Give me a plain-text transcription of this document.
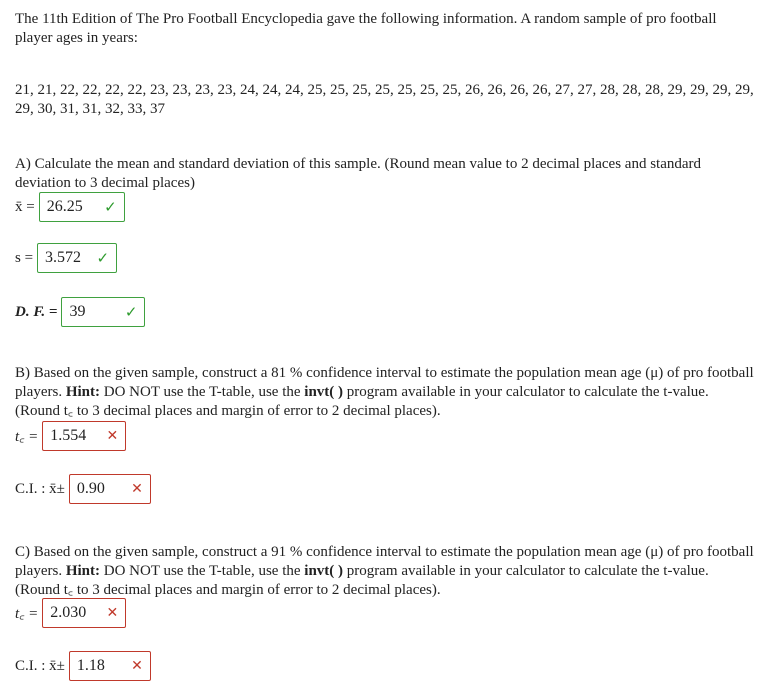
The 11th Edition of The Pro Football Encyclopedia gave the following information. A random sample of pro football player ages in years:

21, 21, 22, 22, 22, 22, 23, 23, 23, 23, 24, 24, 24, 25, 25, 25, 25, 25, 25, 25, 26, 26, 26, 26, 27, 27, 28, 28, 28, 29, 29, 29, 29, 29, 30, 31, 31, 32, 33, 37

A) Calculate the mean and standard deviation of this sample. (Round mean value to 2 decimal places and standard deviation to 3 decimal places)

x̄ = 26.25 ✓
s = 3.572 ✓
D. F. = 39	✓

B) Based on the given sample, construct a 81 % confidence interval to estimate the population mean age (μ) of pro football players. Hint: DO NOT use the T-table, use the invt( ) program available in your calculator to calculate the t-value. (Round t꜀ to 3 decimal places and margin of error to 2 decimal places).

t꜀ = 1.554 ✕
C.I. : x̄± 0.90 ✕

C) Based on the given sample, construct a 91 % confidence interval to estimate the population mean age (μ) of pro football players. Hint: DO NOT use the T-table, use the invt( ) program available in your calculator to calculate the t-value. (Round t꜀ to 3 decimal places and margin of error to 2 decimal places).

t꜀ = 2.030 ✕
C.I. : x̄± 1.18 ✕
